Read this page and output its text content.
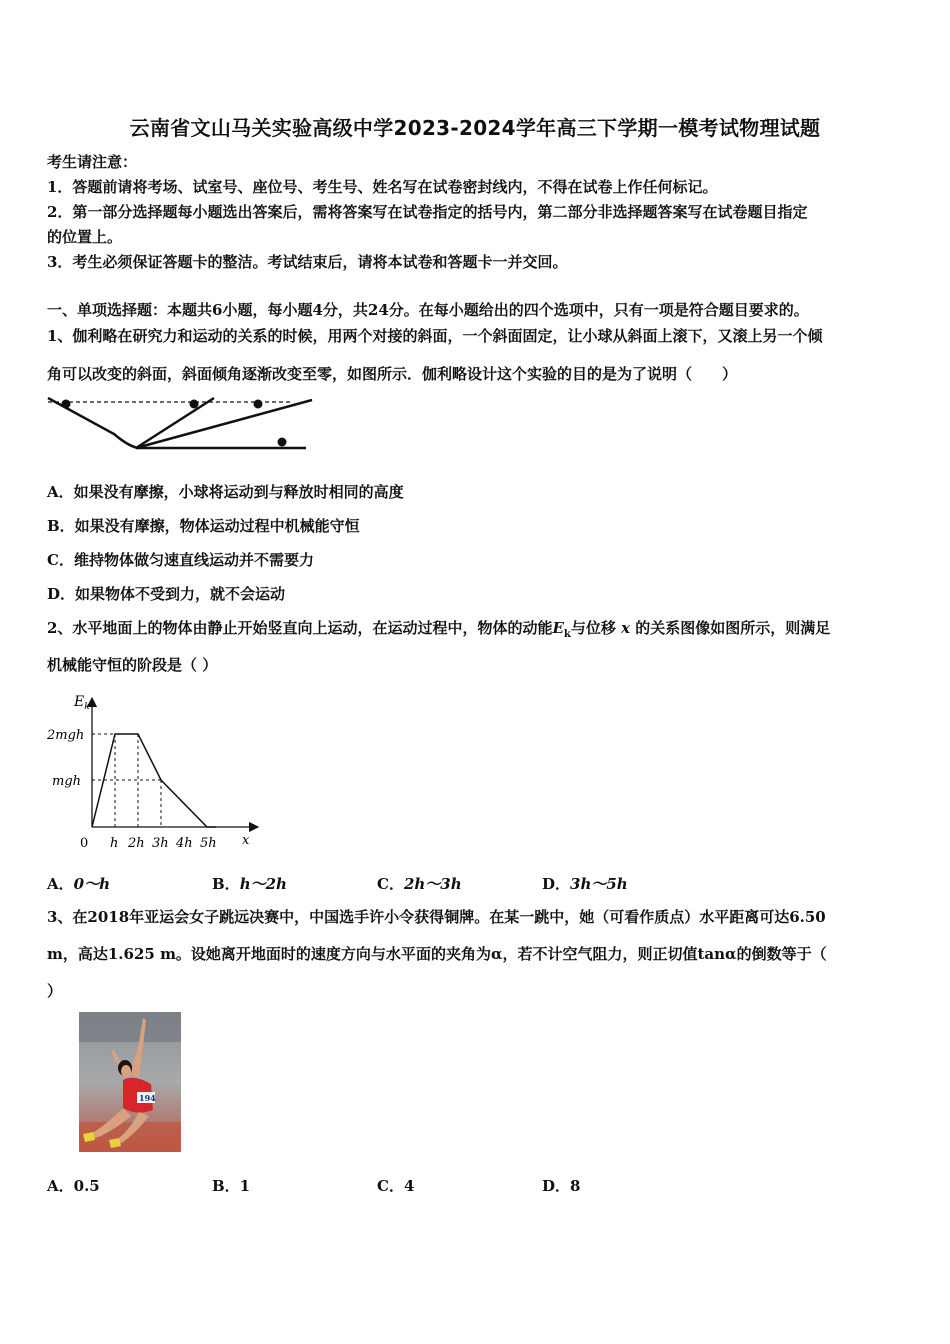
云南省文山马关实验高级中学2023-2024学年高三下学期一模考试物理试题
考生请注意：
1．答题前请将考场、试室号、座位号、考生号、姓名写在试卷密封线内，不得在试卷上作任何标记。
2．第一部分选择题每小题选出答案后，需将答案写在试卷指定的括号内，第二部分非选择题答案写在试卷题目指定
的位置上。
3．考生必须保证答题卡的整洁。考试结束后，请将本试卷和答题卡一并交回。
一、单项选择题：本题共6小题，每小题4分，共24分。在每小题给出的四个选项中，只有一项是符合题目要求的。
1、伽利略在研究力和运动的关系的时候，用两个对接的斜面，一个斜面固定，让小球从斜面上滚下，又滚上另一个倾
角可以改变的斜面，斜面倾角逐渐改变至零，如图所示．伽利略设计这个实验的目的是为了说明（　　）
A．如果没有摩擦，小球将运动到与释放时相同的高度
B．如果没有摩擦，物体运动过程中机械能守恒
C．维持物体做匀速直线运动并不需要力
D．如果物体不受到力，就不会运动
2、水平地面上的物体由静止开始竖直向上运动，在运动过程中，物体的动能$E_k$与位移 x 的关系图像如图所示，则满足
机械能守恒的阶段是（ ）
$E_k$
2mgh
mgh
0 h 2h 3h 4h 5h x
A．0～h	B．h～2h	C．2h～3h	D．3h～5h
3、在2018年亚运会女子跳远决赛中，中国选手许小令获得铜牌。在某一跳中，她（可看作质点）水平距离可达6.50
m，高达1.625 m。设她离开地面时的速度方向与水平面的夹角为α，若不计空气阻力，则正切值tanα的倒数等于（
）
194
A．0.5	B．1	C．4	D．8
